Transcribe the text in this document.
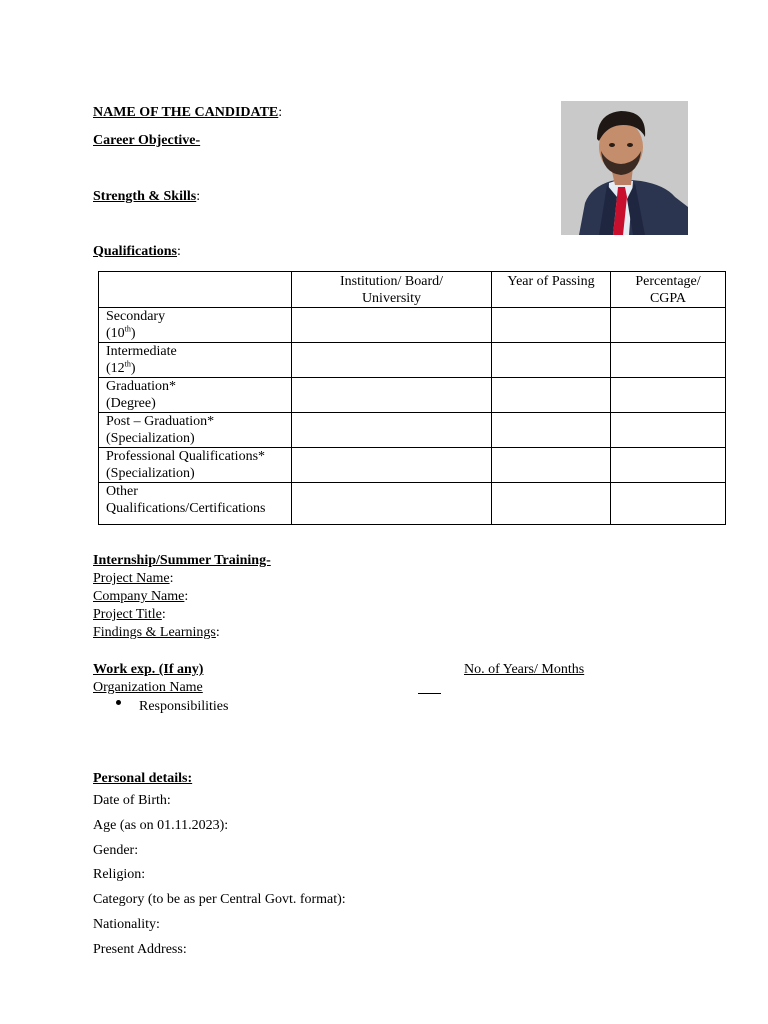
NAME OF THE CANDIDATE:
Career Objective-
Strength & Skills:
Qualifications:
	Institution/ Board/ University	Year of Passing	Percentage/ CGPA

Secondary
(10th)			

Intermediate
(12th)			

Graduation*
(Degree)			

Post – Graduation*
(Specialization)			

Professional Qualifications*
(Specialization)			

Other
Qualifications/Certifications			

Internship/Summer Training-
Project Name:
Company Name:
Project Title:
Findings & Learnings:
Work exp. (If any)	No. of Years/ Months
Organization Name
Responsibilities
Personal details:
Date of Birth:
Age (as on 01.11.2023):
Gender:
Religion:
Category (to be as per Central Govt. format):
Nationality:
Present Address:
